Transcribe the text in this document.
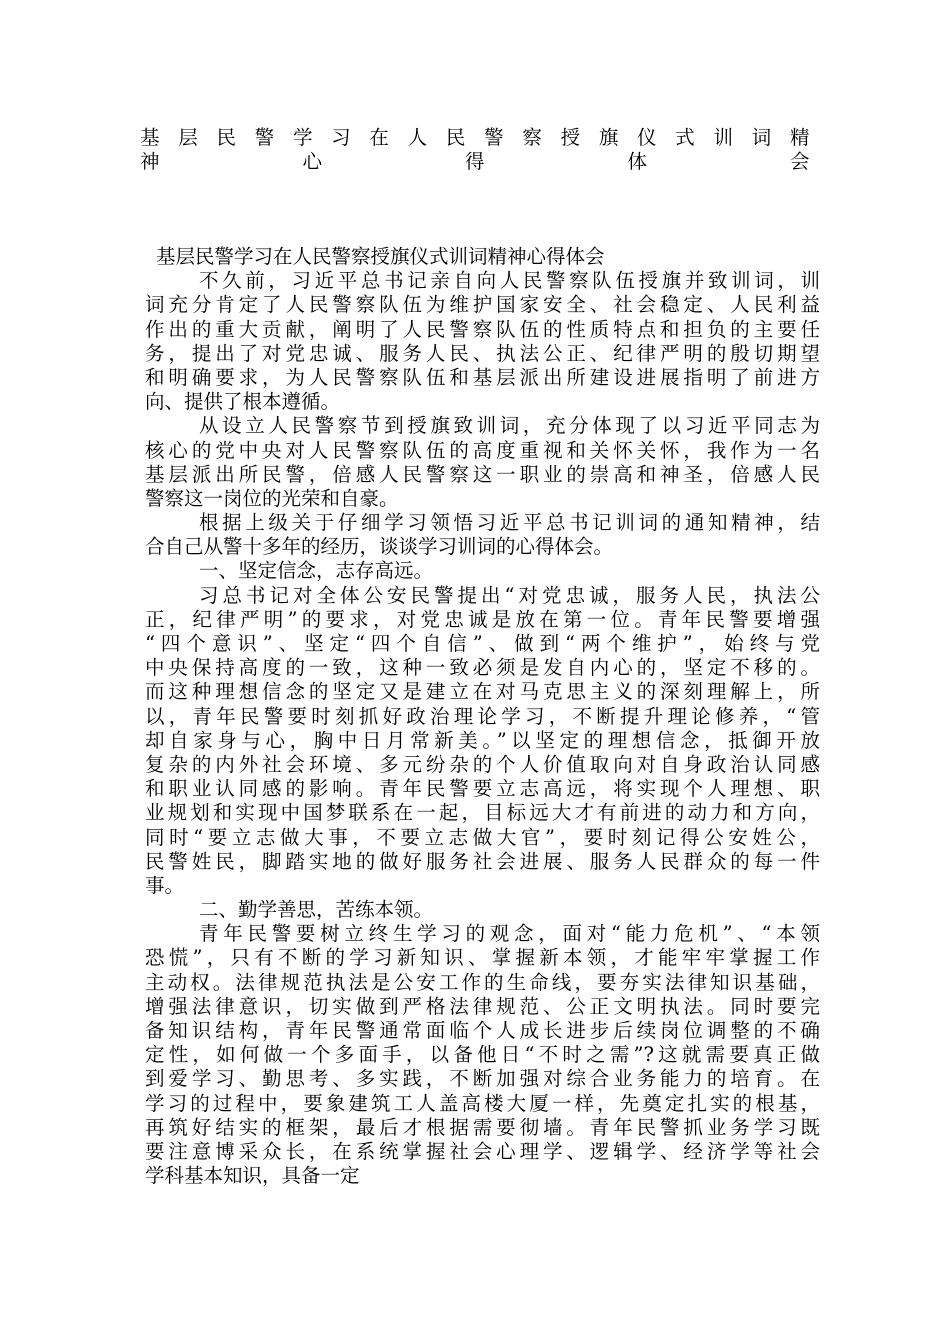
基层民警学习在人民警察授旗仪式训词精
神心得体会
基层民警学习在人民警察授旗仪式训词精神心得体会
不久前，习近平总书记亲自向人民警察队伍授旗并致训词，训
词充分肯定了人民警察队伍为维护国家安全、社会稳定、人民利益
作出的重大贡献，阐明了人民警察队伍的性质特点和担负的主要任
务，提出了对党忠诚、服务人民、执法公正、纪律严明的殷切期望
和明确要求，为人民警察队伍和基层派出所建设进展指明了前进方
向、提供了根本遵循。
从设立人民警察节到授旗致训词，充分体现了以习近平同志为
核心的党中央对人民警察队伍的高度重视和关怀关怀，我作为一名
基层派出所民警，倍感人民警察这一职业的崇高和神圣，倍感人民
警察这一岗位的光荣和自豪。
根据上级关于仔细学习领悟习近平总书记训词的通知精神，结
合自己从警十多年的经历，谈谈学习训词的心得体会。
一、坚定信念，志存高远。
习总书记对全体公安民警提出“对党忠诚，服务人民，执法公
正，纪律严明”的要求，对党忠诚是放在第一位。青年民警要增强
“四个意识”、坚定“四个自信”、做到“两个维护”，始终与党
中央保持高度的一致，这种一致必须是发自内心的，坚定不移的。
而这种理想信念的坚定又是建立在对马克思主义的深刻理解上，所
以，青年民警要时刻抓好政治理论学习，不断提升理论修养，“管
却自家身与心，胸中日月常新美。”以坚定的理想信念，抵御开放
复杂的内外社会环境、多元纷杂的个人价值取向对自身政治认同感
和职业认同感的影响。青年民警要立志高远，将实现个人理想、职
业规划和实现中国梦联系在一起，目标远大才有前进的动力和方向，
同时“要立志做大事，不要立志做大官”，要时刻记得公安姓公，
民警姓民，脚踏实地的做好服务社会进展、服务人民群众的每一件
事。
二、勤学善思，苦练本领。
青年民警要树立终生学习的观念，面对“能力危机”、“本领
恐慌”，只有不断的学习新知识、掌握新本领，才能牢牢掌握工作
主动权。法律规范执法是公安工作的生命线，要夯实法律知识基础，
增强法律意识，切实做到严格法律规范、公正文明执法。同时要完
备知识结构，青年民警通常面临个人成长进步后续岗位调整的不确
定性，如何做一个多面手，以备他日“不时之需”?这就需要真正做
到爱学习、勤思考、多实践，不断加强对综合业务能力的培育。在
学习的过程中，要象建筑工人盖高楼大厦一样，先奠定扎实的根基，
再筑好结实的框架，最后才根据需要彻墙。青年民警抓业务学习既
要注意博采众长，在系统掌握社会心理学、逻辑学、经济学等社会
学科基本知识，具备一定
